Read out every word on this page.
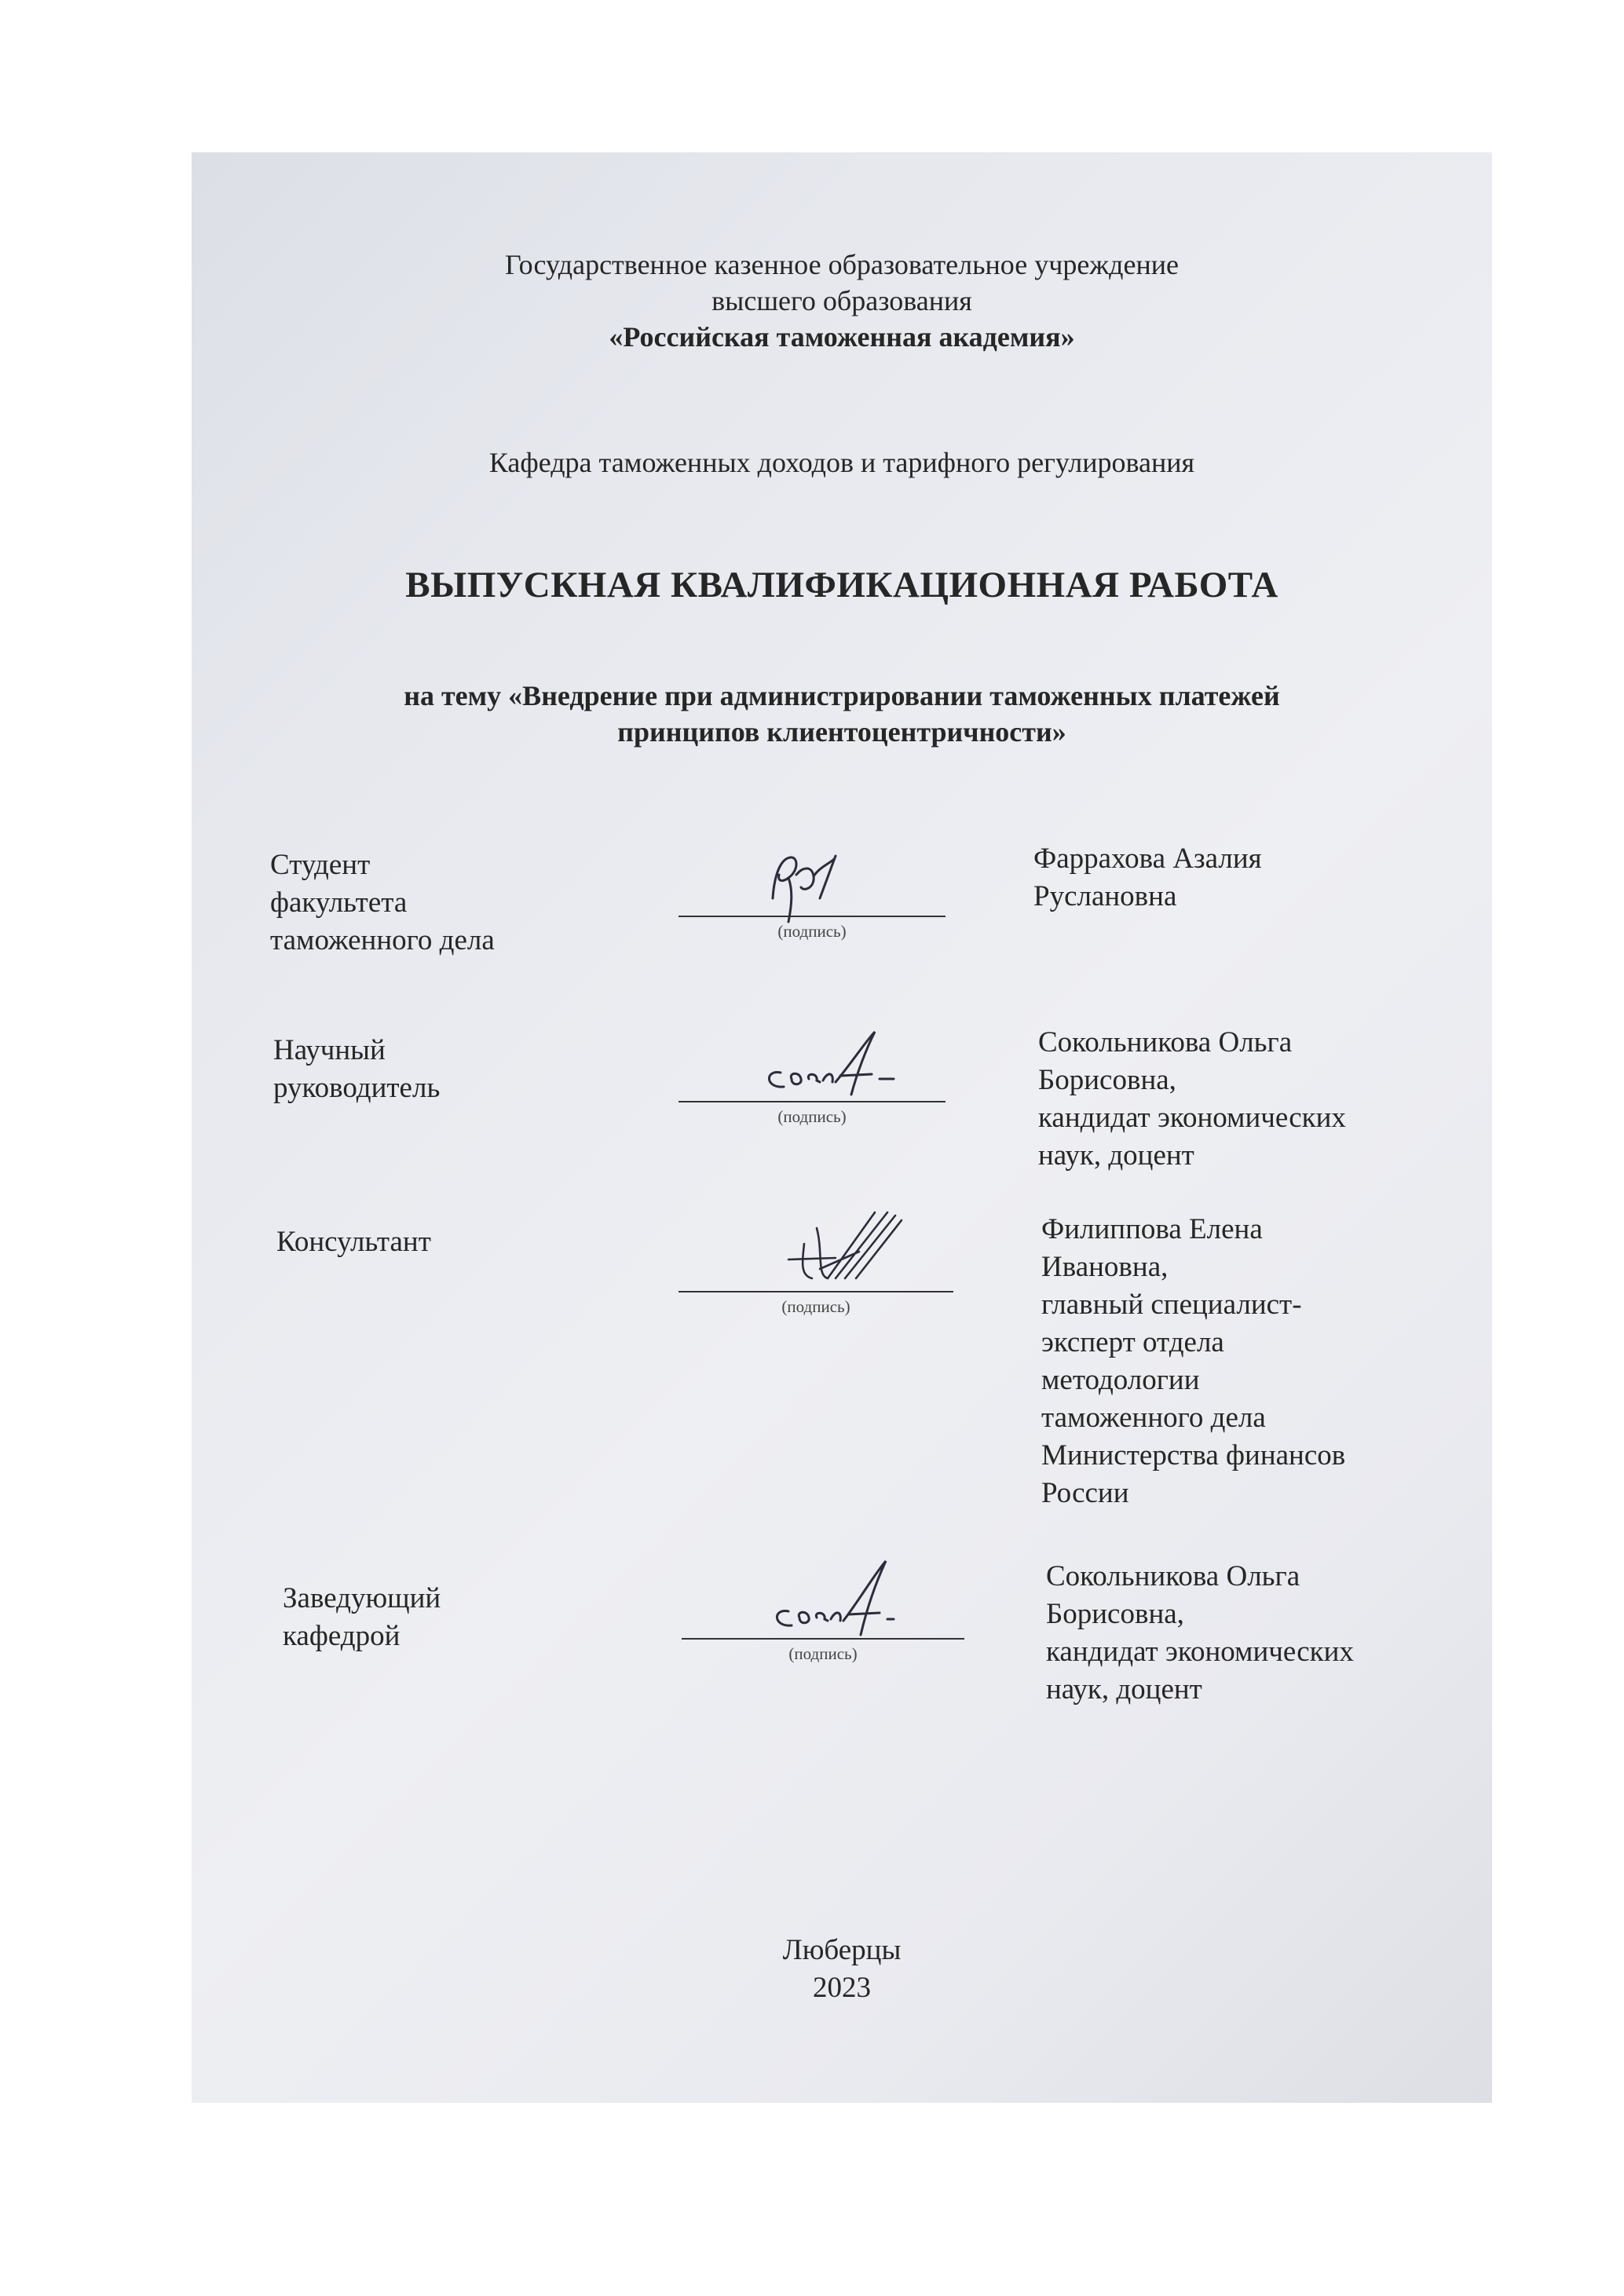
Государственное казенное образовательное учреждение
высшего образования
«Российская таможенная академия»
Кафедра таможенных доходов и тарифного регулирования
ВЫПУСКНАЯ КВАЛИФИКАЦИОННАЯ РАБОТА
на тему «Внедрение при администрировании таможенных платежей
принципов клиентоцентричности»
Студент
факультета
таможенного дела	(подпись)
Фаррахова Азалия
Руслановна
Научный
руководитель
(подпись)
Сокольникова Ольга
Борисовна,
кандидат экономических
наук, доцент
Консультант
(подпись)
Филиппова Елена
Ивановна,
главный специалист-
эксперт отдела
методологии
таможенного дела
Министерства финансов
России
Заведующий
кафедрой
(подпись)
Сокольникова Ольга
Борисовна,
кандидат экономических
наук, доцент
Люберцы
2023
